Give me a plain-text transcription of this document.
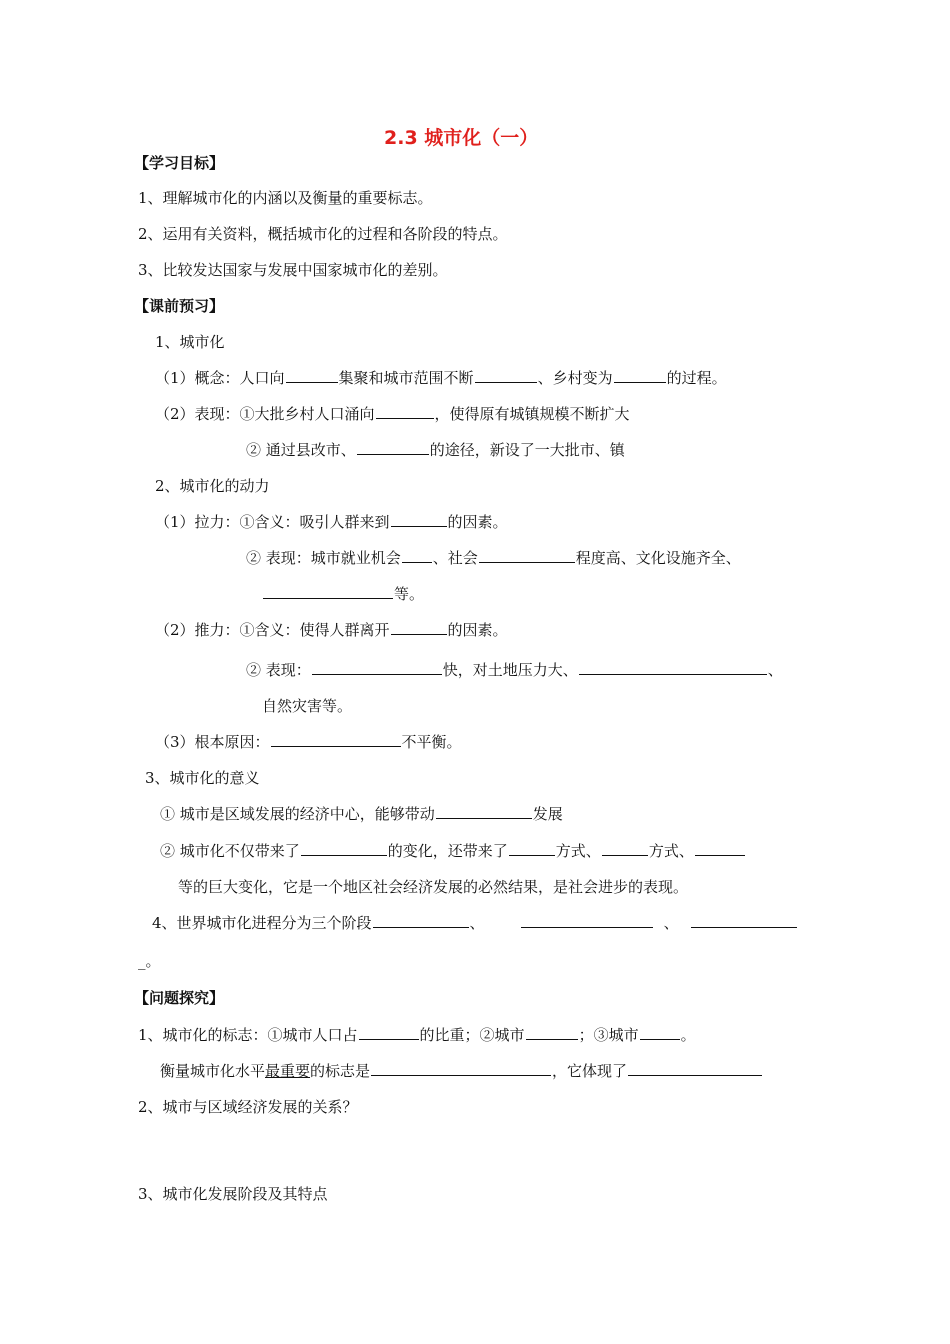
2.3 城市化（一）
【学习目标】
1、理解城市化的内涵以及衡量的重要标志。
2、运用有关资料，概括城市化的过程和各阶段的特点。
3、比较发达国家与发展中国家城市化的差别。
【课前预习】
1、城市化
（1）概念：人口向	集聚和城市范围不断	、乡村变为	的过程。
（2）表现：①大批乡村人口涌向	，使得原有城镇规模不断扩大
② 通过县改市、	的途径，新设了一大批市、镇
2、城市化的动力
（1）拉力：①含义：吸引人群来到	的因素。
② 表现：城市就业机会 、社会	程度高、文化设施齐全、
等。
（2）推力：①含义：使得人群离开	的因素。
② 表现：	快，对土地压力大、	、
自然灾害等。
（3）根本原因：	不平衡。
3、城市化的意义
① 城市是区域发展的经济中心，能够带动	发展
② 城市化不仅带来了	的变化，还带来了	方式、	方式、
等的巨大变化，它是一个地区社会经济发展的必然结果，是社会进步的表现。
4、世界城市化进程分为三个阶段	、	、
_。
【问题探究】
1、城市化的标志：①城市人口占	的比重；②城市	；③城市	。
衡量城市化水平最重要的标志是	，它体现了
2、城市与区域经济发展的关系？
3、城市化发展阶段及其特点
